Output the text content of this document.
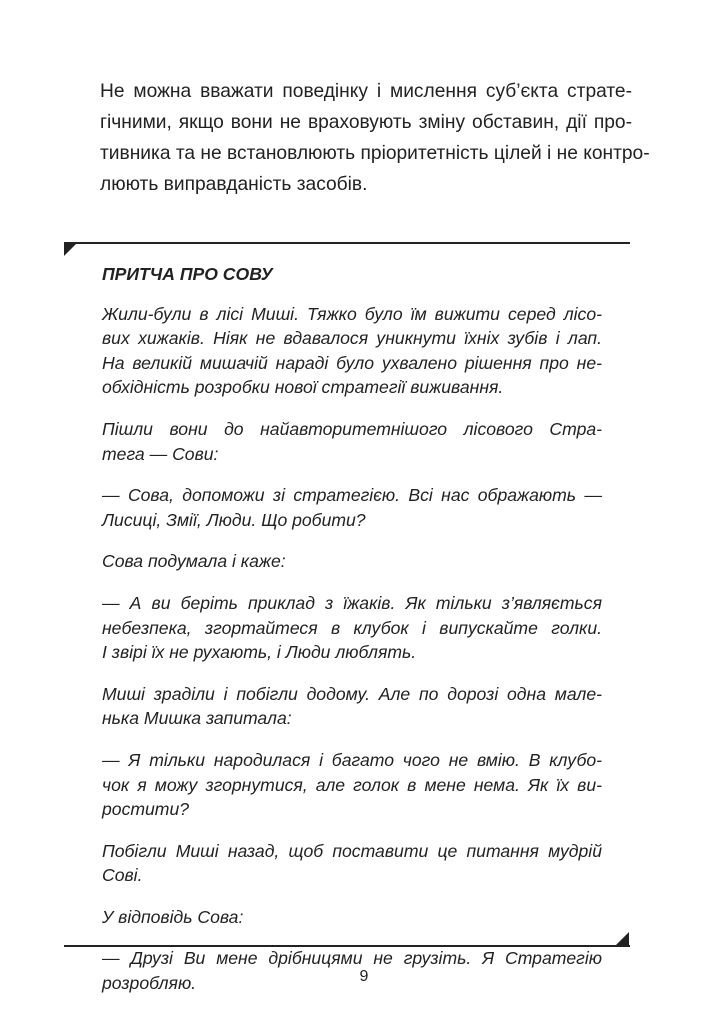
Не можна вважати поведінку і мислення суб’єкта страте-
гічними, якщо вони не враховують зміну обставин, дії про-
тивника та не встановлюють пріоритетність цілей і не контро-
люють виправданість засобів.
ПРИТЧА ПРО СОВУ
Жили-були в лісі Миші. Тяжко було їм вижити серед лісо-
вих хижаків. Ніяк не вдавалося уникнути їхніх зубів і лап.
На великій мишачій нараді було ухвалено рішення про не-
обхідність розробки нової стратегії виживання.
Пішли вони до найавторитетнішого лісового Стра-
тега — Сови:
— Сова, допоможи зі стратегією. Всі нас ображають —
Лисиці, Змії, Люди. Що робити?
Сова подумала і каже:
— А ви беріть приклад з їжаків. Як тільки з’являється
небезпека, згортайтеся в клубок і випускайте голки.
І звірі їх не рухають, і Люди люблять.
Миші зраділи і побігли додому. Але по дорозі одна мале-
нька Мишка запитала:
— Я тільки народилася і багато чого не вмію. В клубо-
чок я можу згорнутися, але голок в мене нема. Як їх ви-
ростити?
Побігли Миші назад, щоб поставити це питання мудрій
Сові.
У відповідь Сова:
— Друзі Ви мене дрібницями не грузіть. Я Стратегію
розробляю.	9
